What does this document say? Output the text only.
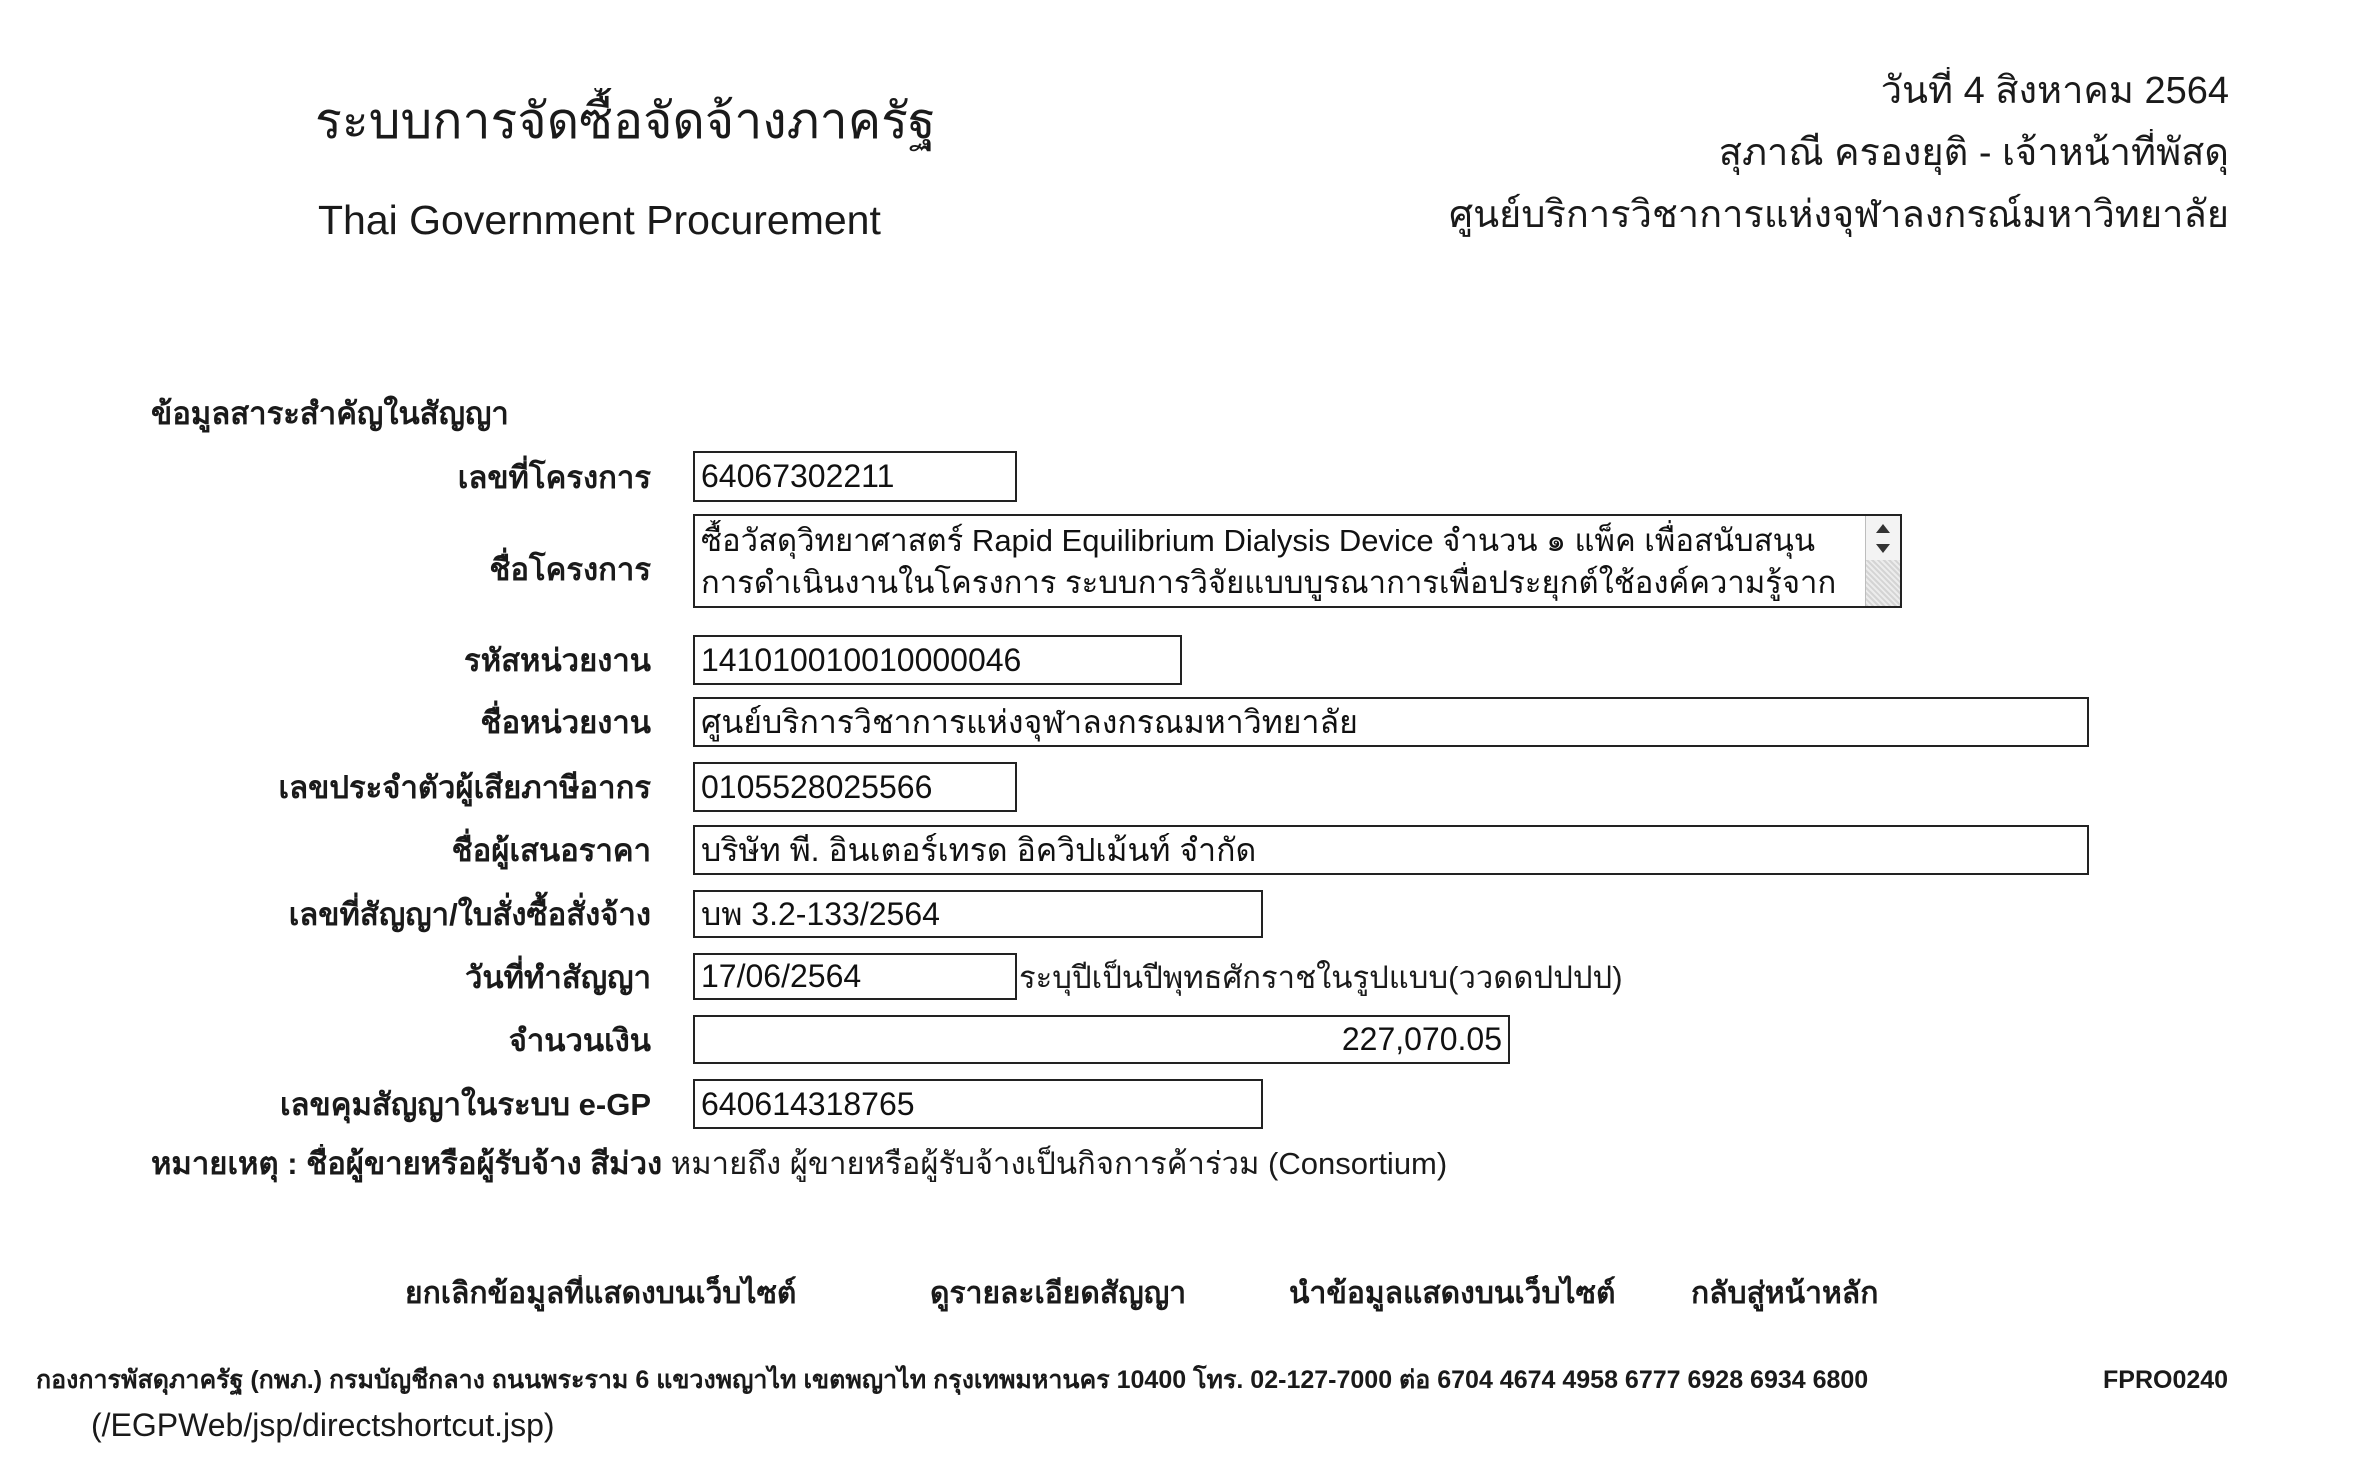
ระบบการจัดซื้อจัดจ้างภาครัฐ
Thai Government Procurement
วันที่ 4 สิงหาคม 2564
สุภาณี ครองยุติ - เจ้าหน้าที่พัสดุ
ศูนย์บริการวิชาการแห่งจุฬาลงกรณ์มหาวิทยาลัย
ข้อมูลสาระสำคัญในสัญญา
เลขที่โครงการ
64067302211
ชื่อโครงการ
ซื้อวัสดุวิทยาศาสตร์ Rapid Equilibrium Dialysis Device จำนวน ๑ แพ็ค เพื่อสนับสนุน
การดำเนินงานในโครงการ ระบบการวิจัยแบบบูรณาการเพื่อประยุกต์ใช้องค์ความรู้จาก
รหัสหน่วยงาน
141010010010000046
ชื่อหน่วยงาน
ศูนย์บริการวิชาการแห่งจุฬาลงกรณมหาวิทยาลัย
เลขประจำตัวผู้เสียภาษีอากร
0105528025566
ชื่อผู้เสนอราคา
บริษัท พี. อินเตอร์เทรด อิควิปเม้นท์ จำกัด
เลขที่สัญญา/ใบสั่งซื้อสั่งจ้าง
บพ 3.2-133/2564
วันที่ทำสัญญา
17/06/2564	ระบุปีเป็นปีพุทธศักราชในรูปแบบ(ววดดปปปป)
จำนวนเงิน
227,070.05
เลขคุมสัญญาในระบบ e-GP
640614318765
หมายเหตุ : ชื่อผู้ขายหรือผู้รับจ้าง สีม่วง หมายถึง ผู้ขายหรือผู้รับจ้างเป็นกิจการค้าร่วม (Consortium)
ยกเลิกข้อมูลที่แสดงบนเว็บไซต์	ดูรายละเอียดสัญญา	นำข้อมูลแสดงบนเว็บไซต์	กลับสู่หน้าหลัก
กองการพัสดุภาครัฐ (กพภ.) กรมบัญชีกลาง ถนนพระราม 6 แขวงพญาไท เขตพญาไท กรุงเทพมหานคร 10400 โทร. 02-127-7000 ต่อ 6704 4674 4958 6777 6928 6934 6800	FPRO0240
(/EGPWeb/jsp/directshortcut.jsp)
